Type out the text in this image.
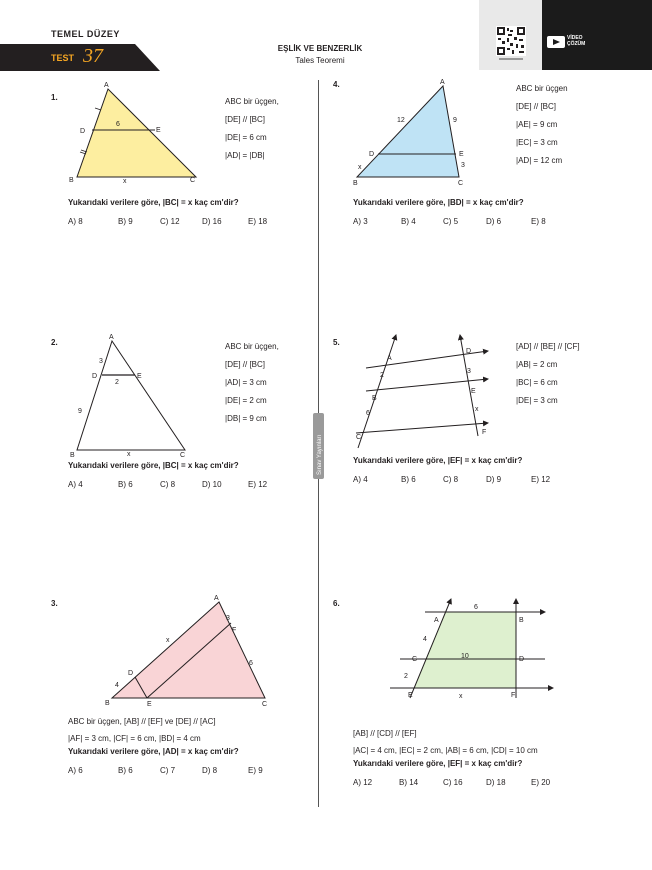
TEMEL DÜZEY
TEST 37	EŞLİK VE BENZERLİK
Tales Teoremi
VİDEO
ÇÖZÜM
Sınav Yayınları
1.
A
D	E
B	C
6
x
ABC bir üçgen,
[DE] // [BC]
|DE| = 6 cm
|AD| = |DB|
Yukarıdaki verilere göre, |BC| = x kaç cm'dir?
A) 8	B) 9	C) 12	D) 16	E) 18
2.
A
D	E
B	C
3
2
9
x
ABC bir üçgen,
[DE] // [BC]
|AD| = 3 cm
|DE| = 2 cm
|DB| = 9 cm
Yukarıdaki verilere göre, |BC| = x kaç cm'dir?
A) 4	B) 6	C) 8	D) 10	E) 12
3.
A
3
F
6
x
D
4
B	E	C
ABC bir üçgen, [AB] // [EF] ve [DE] // [AC]
|AF| = 3 cm, |CF| = 6 cm, |BD| = 4 cm
Yukarıdaki verilere göre, |AD| = x kaç cm'dir?
A) 6	B) 6	C) 7	D) 8	E) 9
4.	A
12	9
D	E
3
x
B	C
ABC bir üçgen
[DE] // [BC]
|AE| = 9 cm
|EC| = 3 cm
|AD| = 12 cm
Yukarıdaki verilere göre, |BD| = x kaç cm'dir?
A) 3	B) 4	C) 5	D) 6	E) 8
5.
A
D
2
3
B
E
6
x
C
F
[AD] // [BE] // [CF]
|AB| = 2 cm
|BC| = 6 cm
|DE| = 3 cm
Yukarıdaki verilere göre, |EF| = x kaç cm'dir?
A) 4	B) 6	C) 8	D) 9	E) 12
6.
A
6
B
4
C	10	D
2
E	x	F
[AB] // [CD] // [EF]
|AC| = 4 cm, |EC| = 2 cm, |AB| = 6 cm, |CD| = 10 cm
Yukarıdaki verilere göre, |EF| = x kaç cm'dir?
A) 12	B) 14	C) 16	D) 18	E) 20
